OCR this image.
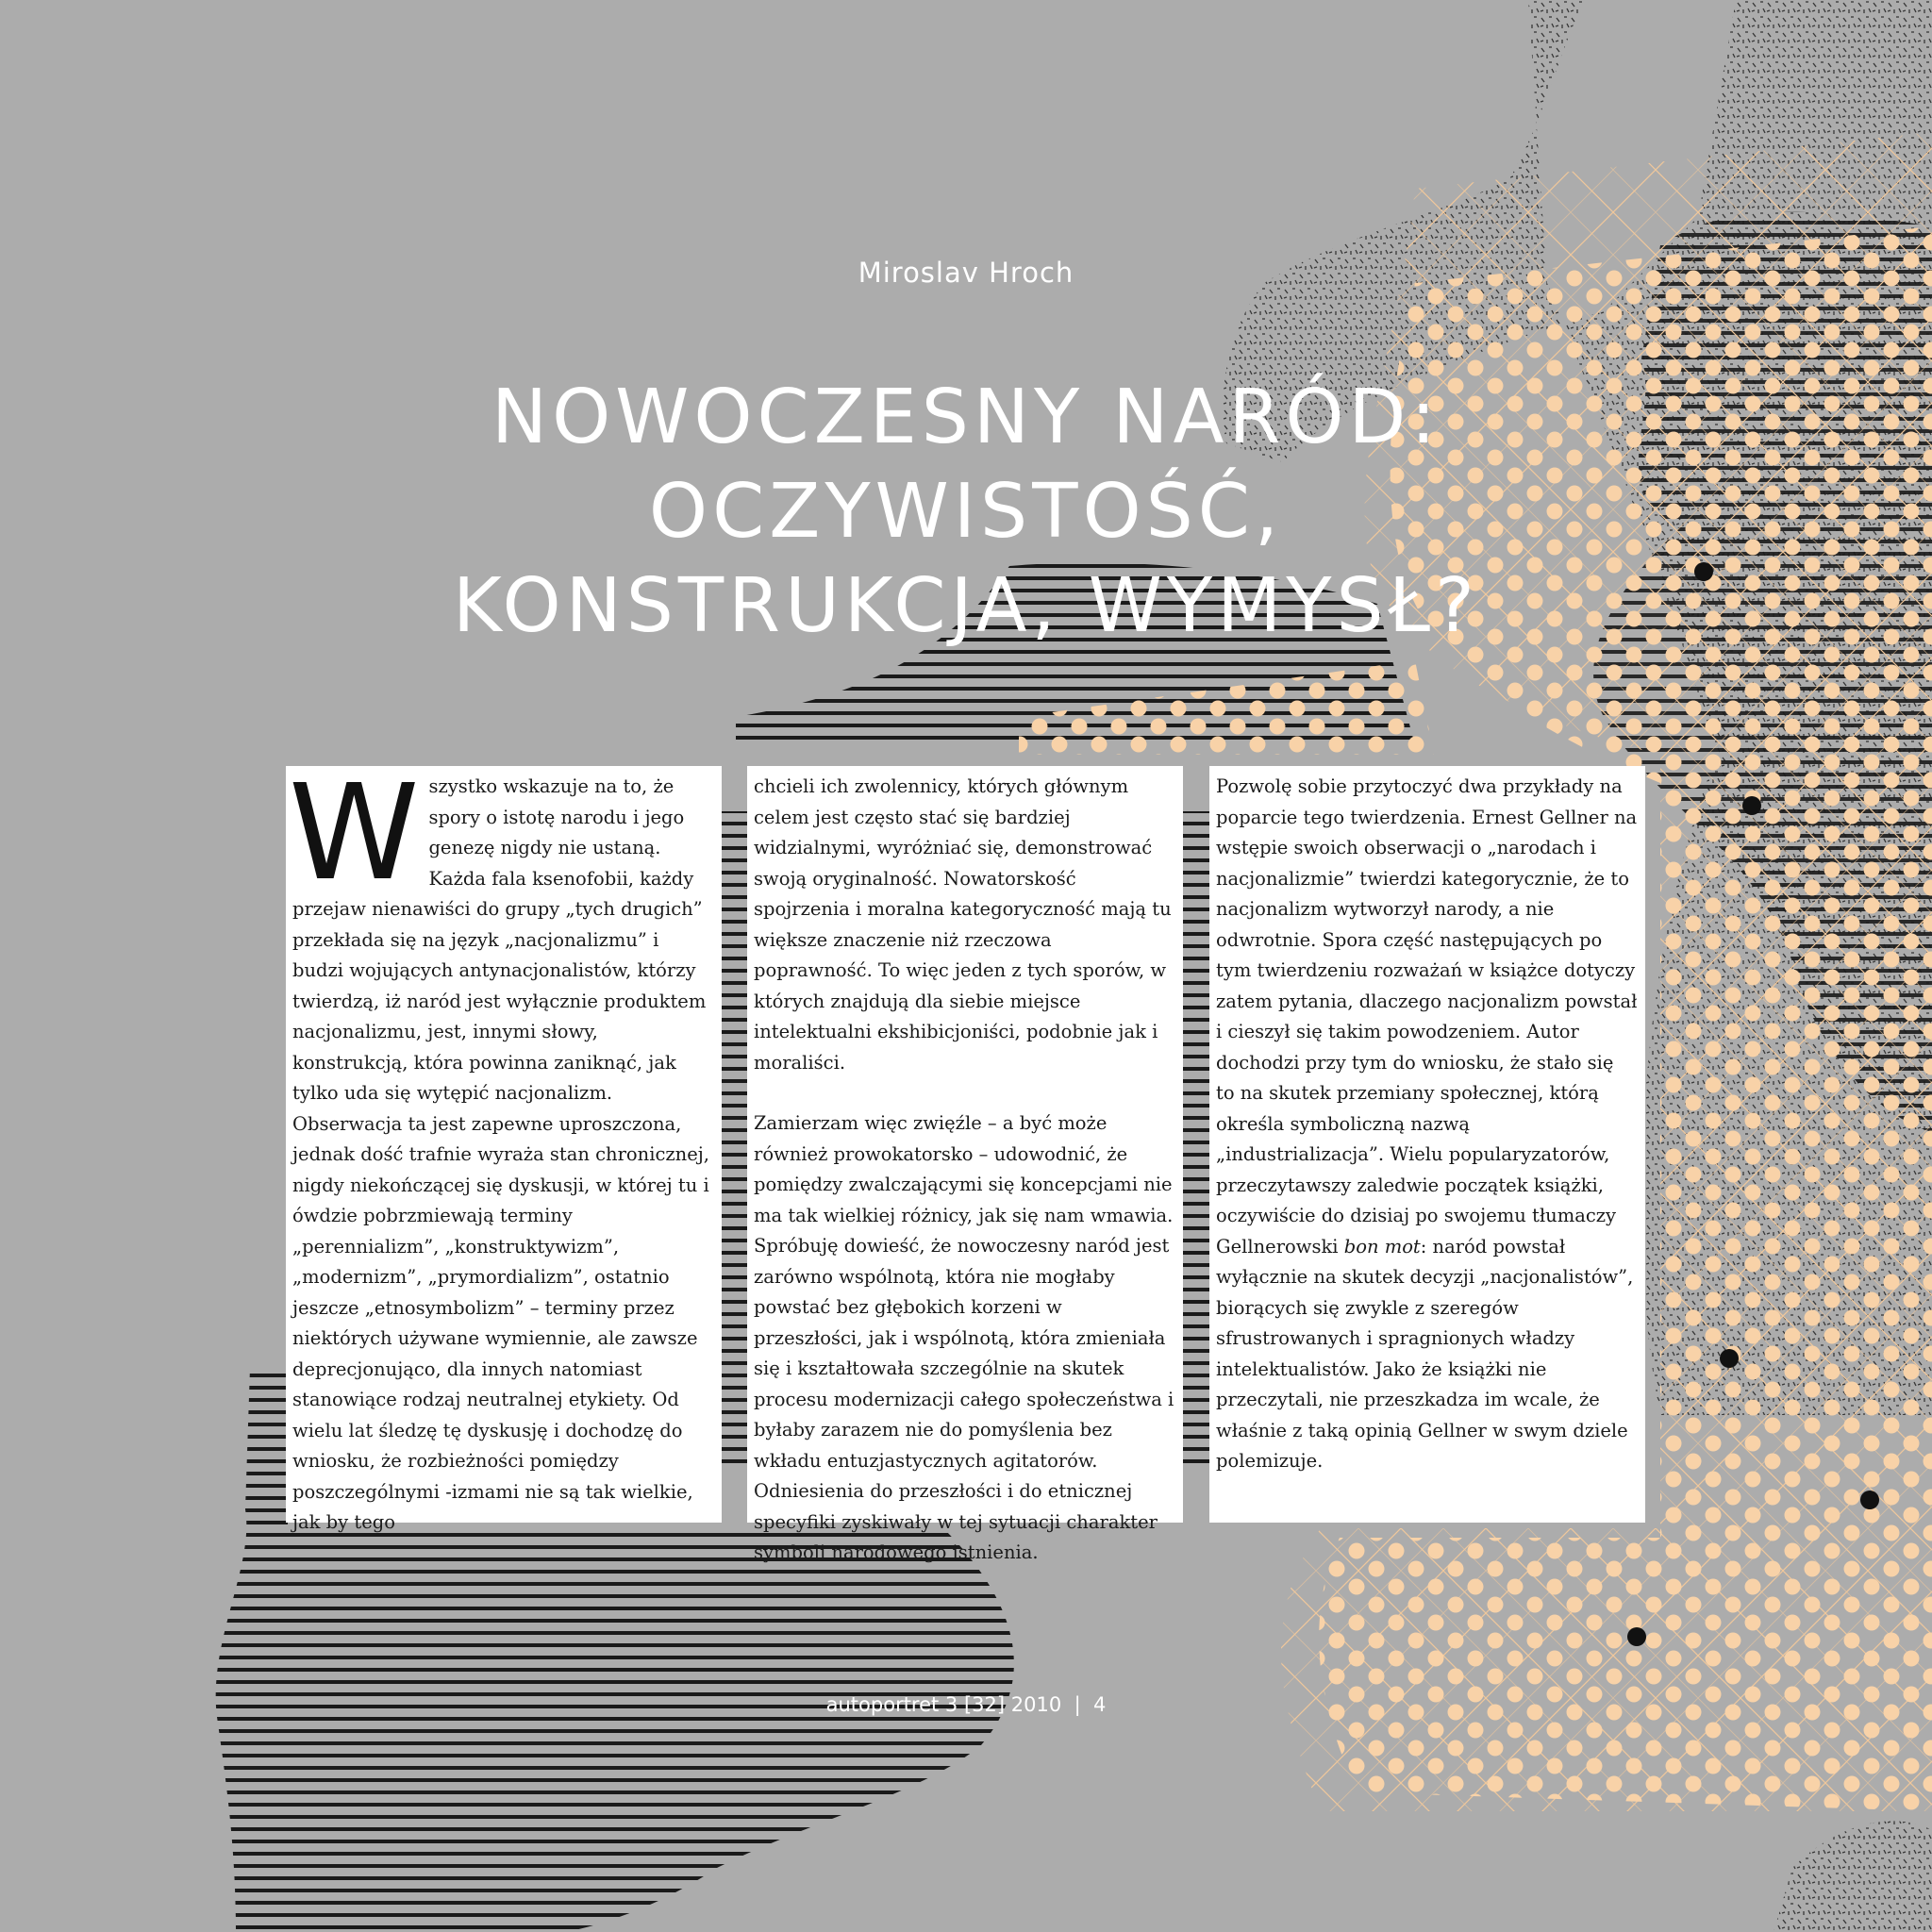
Miroslav Hroch
NOWOCZESNY NARÓD:
OCZYWISTOŚĆ,
KONSTRUKCJA, WYMYSŁ?
W szystko wskazuje na to, że spory o istotę narodu i jego genezę nigdy nie ustaną. Każda fala ksenofobii, każdy przejaw nienawiści do grupy „tych drugich” przekłada się na język „nacjonalizmu” i budzi wojujących antynacjonalistów, którzy twierdzą, iż naród jest wyłącznie produktem nacjonalizmu, jest, innymi słowy, konstrukcją, która powinna zaniknąć, jak tylko uda się wytępić nacjonalizm. Obserwacja ta jest zapewne uproszczona, jednak dość trafnie wyraża stan chronicznej, nigdy niekończącej się dyskusji, w której tu i ówdzie pobrzmiewają terminy „perennializm”, „konstruktywizm”, „modernizm”, „prymordializm”, ostatnio jeszcze „etnosymbolizm” – terminy przez niektórych używane wymiennie, ale zawsze deprecjonująco, dla innych natomiast stanowiące rodzaj neutralnej etykiety. Od wielu lat śledzę tę dyskusję i dochodzę do wniosku, że rozbieżności pomiędzy poszczególnymi -izmami nie są tak wielkie, jak by tego

chcieli ich zwolennicy, których głównym celem jest często stać się bardziej widzialnymi, wyróżniać się, demonstrować swoją oryginalność. Nowatorskość spojrzenia i moralna kategoryczność mają tu większe znaczenie niż rzeczowa poprawność. To więc jeden z tych sporów, w których znajdują dla siebie miejsce intelektualni ekshibicjoniści, podobnie jak i moraliści.

Zamierzam więc zwięźle – a być może również prowokatorsko – udowodnić, że pomiędzy zwalczającymi się koncepcjami nie ma tak wielkiej różnicy, jak się nam wmawia. Spróbuję dowieść, że nowoczesny naród jest zarówno wspólnotą, która nie mogłaby powstać bez głębokich korzeni w przeszłości, jak i wspólnotą, która zmieniała się i kształtowała szczególnie na skutek procesu modernizacji całego społeczeństwa i byłaby zarazem nie do pomyślenia bez wkładu entuzjastycznych agitatorów. Odniesienia do przeszłości i do etnicznej specyfiki zyskiwały w tej sytuacji charakter symboli narodowego istnienia.

Pozwolę sobie przytoczyć dwa przykłady na poparcie tego twierdzenia. Ernest Gellner na wstępie swoich obserwacji o „narodach i nacjonalizmie” twierdzi kategorycznie, że to nacjonalizm wytworzył narody, a nie odwrotnie. Spora część następujących po tym twierdzeniu rozważań w książce dotyczy zatem pytania, dlaczego nacjonalizm powstał i cieszył się takim powodzeniem. Autor dochodzi przy tym do wniosku, że stało się to na skutek przemiany społecznej, którą określa symboliczną nazwą „industrializacja”. Wielu popularyzatorów, przeczytawszy zaledwie początek książki, oczywiście do dzisiaj po swojemu tłumaczy Gellnerowski bon mot: naród powstał wyłącznie na skutek decyzji „nacjonalistów”, biorących się zwykle z szeregów sfrustrowanych i spragnionych władzy intelektualistów. Jako że książki nie przeczytali, nie przeszkadza im wcale, że właśnie z taką opinią Gellner w swym dziele polemizuje.

autoportret 3 [32] 2010 | 4
